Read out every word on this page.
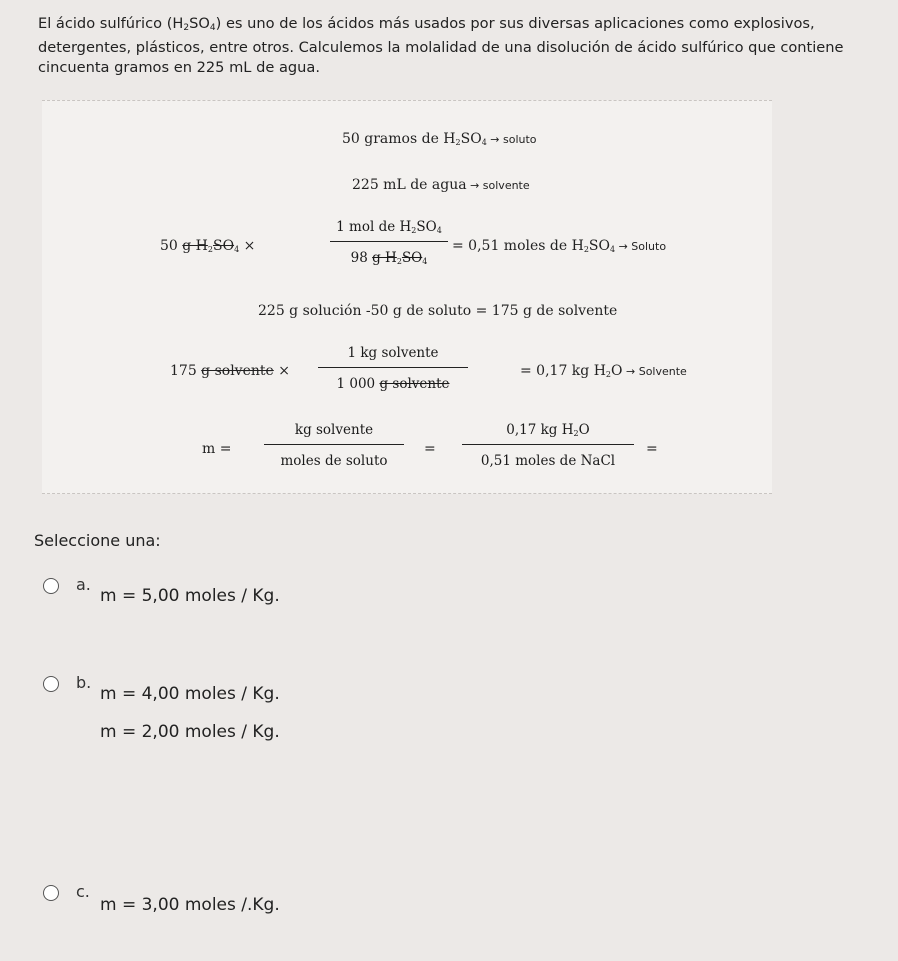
El ácido sulfúrico $(H_2SO_4)$ es uno de los ácidos más usados por sus diversas aplicaciones como explosivos, detergentes, plásticos, entre otros. Calculemos la molalidad de una disolución de ácido sulfúrico que contiene cincuenta gramos en 225 mL de agua.
50 gramos de $H_2SO_4$ → soluto
225 mL de agua → solvente
50 g $H_2SO_4$ ×
1 mol de $H_2SO_4$
98 g $H_2SO_4$
= 0,51 moles de $H_2SO_4$ → Soluto
225 g solución -50 g de soluto = 175 g de solvente
175 g solvente ×
1 kg solvente
1 000 g solvente
= 0,17 kg $H_2O$ → Solvente
m =
kg solvente
moles de soluto
=
0,17 kg $H_2O$
0,51 moles de NaCl
=
Seleccione una:
a.
m = 5,00 moles / Kg.
b.
m = 4,00 moles / Kg.
m = 2,00 moles / Kg.
c.
m = 3,00 moles /.Kg.
